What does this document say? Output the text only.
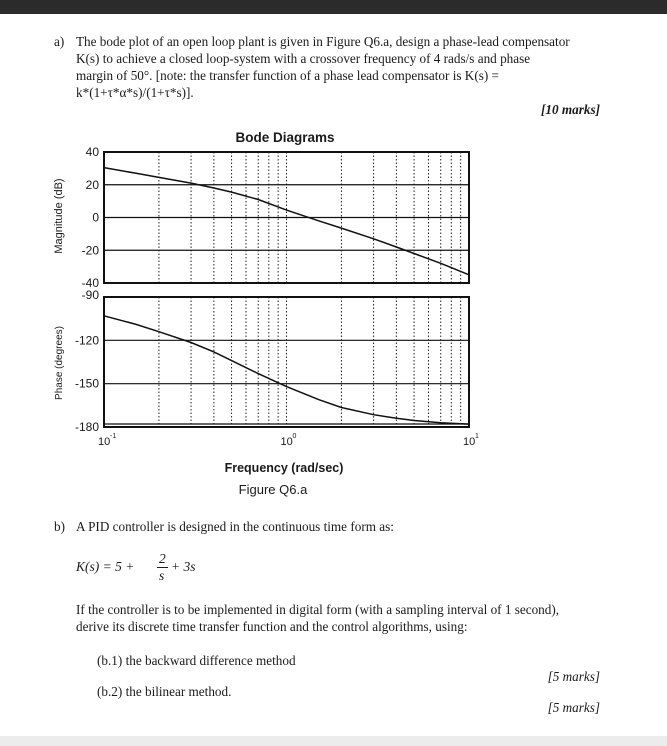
a) The bode plot of an open loop plant is given in Figure Q6.a, design a phase-lead compensator
K(s) to achieve a closed loop-system with a crossover frequency of 4 rads/s and phase
margin of 50°. [note: the transfer function of a phase lead compensator is K(s) =
k*(1+τ*α*s)/(1+τ*s)].
[10 marks]
Bode Diagrams
40
20
0
-20
-40
Magnitude (dB)
-90
-120
-150
-180
Phase (degrees)
10 -1	10 0	10 1
Frequency (rad/sec)
Figure Q6.a
b) A PID controller is designed in the continuous time form as:
K(s) = 5 +
2
s
+ 3s
If the controller is to be implemented in digital form (with a sampling interval of 1 second),
derive its discrete time transfer function and the control algorithms, using:
(b.1) the backward difference method
[5 marks]
(b.2) the bilinear method.
[5 marks]
